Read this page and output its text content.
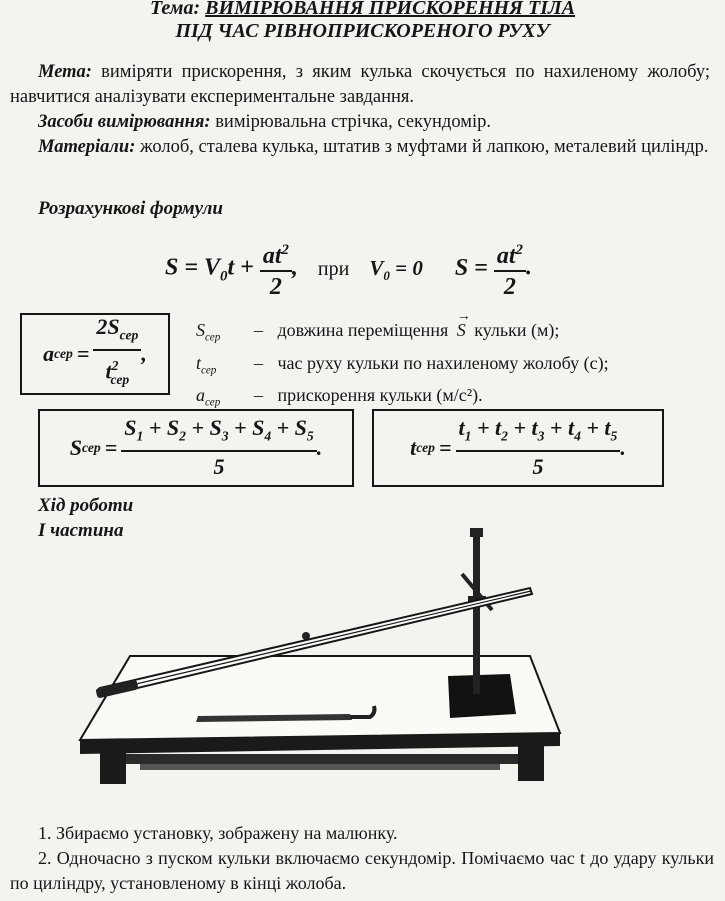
Тема: ВИМІРЮВАННЯ ПРИСКОРЕННЯ ТІЛА
ПІД ЧАС РІВНОПРИСКОРЕНОГО РУХУ
Мета: виміряти прискорення, з яким кулька скочується по нахиленому жолобу; навчитися аналізувати експериментальне завдання.
Засоби вимірювання: вимірювальна стрічка, секундомір.
Матеріали: жолоб, сталева кулька, штатив з муфтами й лапкою, металевий циліндр.
Розрахункові формули
$S = V_0t + \frac{at^2}{2}$ , при $V_0 = 0$ $S = \frac{at^2}{2}$ .
a сер = $\frac{2S_{сер}}{t^2_{сер}}$ ,
$S_{сер}$ – довжина переміщення
→
S кульки (м);
$t_{сер}$ – час руху кульки по нахиленому жолобу (с);
$a_{сер}$ – прискорення кульки (м/с²).
S сер = $\frac{S_1 + S_2 + S_3 + S_4 + S_5}{5}$ .	t сер = $\frac{t_1 + t_2 + t_3 + t_4 + t_5}{5}$ .
Хід роботи
І частина
1. Збираємо установку, зображену на малюнку.
2. Одночасно з пуском кульки включаємо секундомір. Помічаємо час t до удару кульки по циліндру, установленому в кінці жолоба.
